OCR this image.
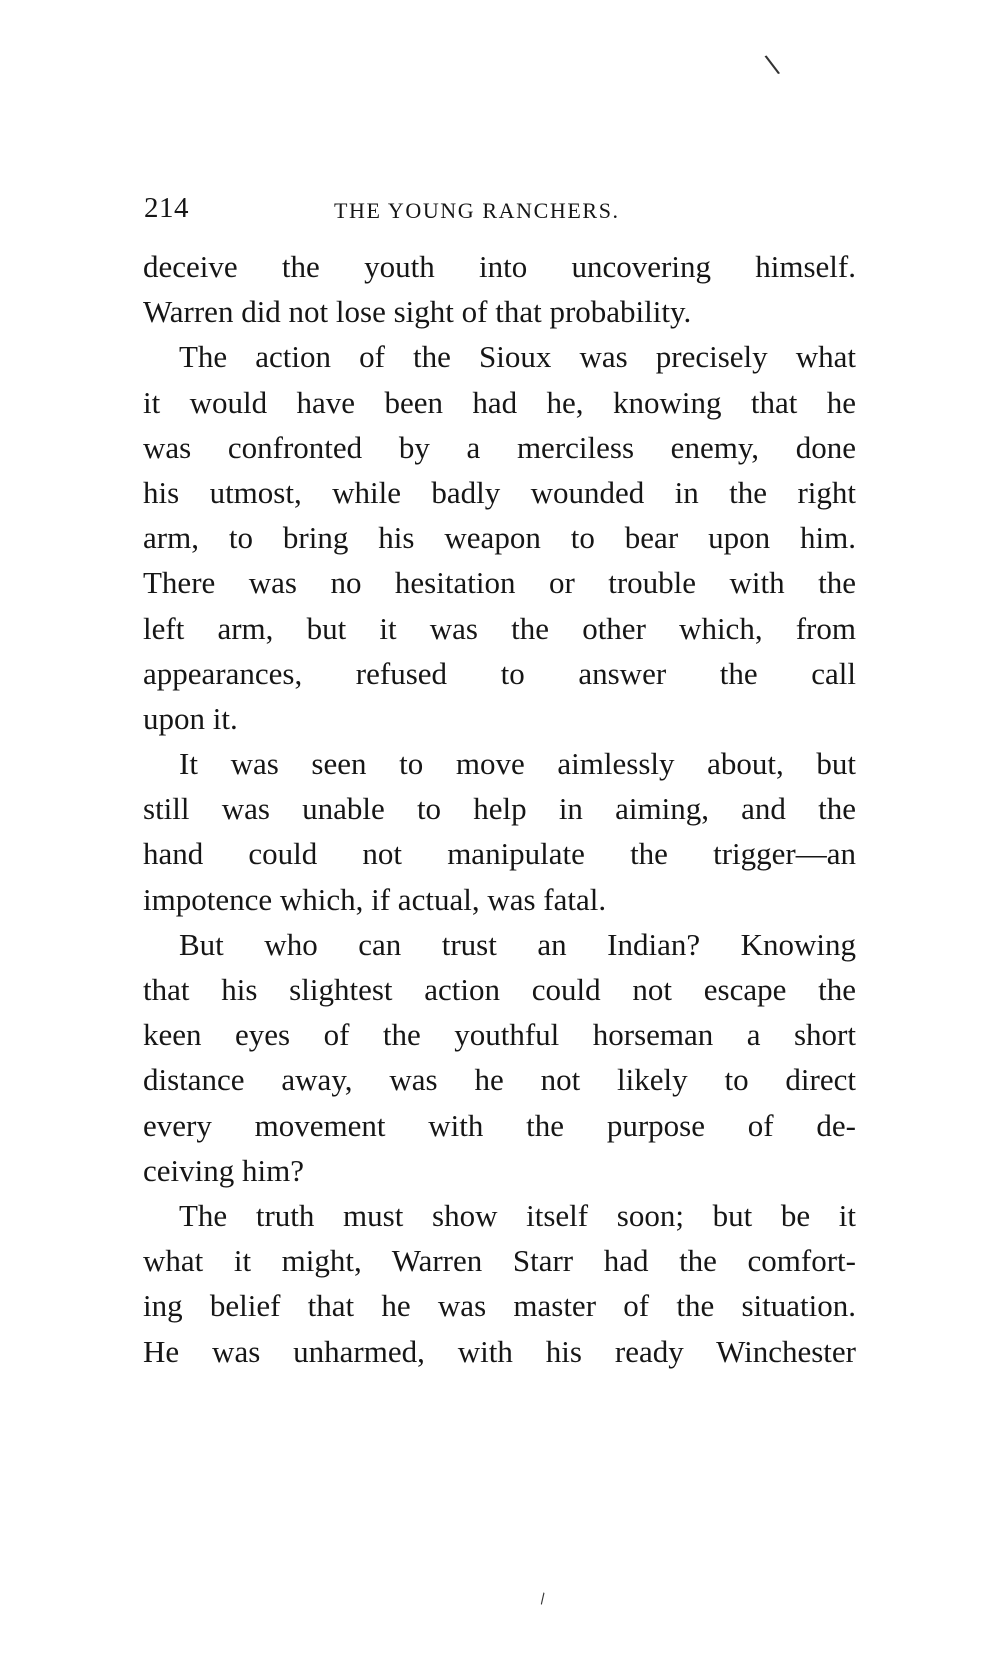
\
\
214	THE YOUNG RANCHERS.
deceive the youth into uncovering himself.
Warren did not lose sight of that probability.
The action of the Sioux was precisely what
it would have been had he, knowing that he
was confronted by a merciless enemy, done
his utmost, while badly wounded in the right
arm, to bring his weapon to bear upon him.
There was no hesitation or trouble with the
left arm, but it was the other which, from
appearances, refused to answer the call
upon it.
It was seen to move aimlessly about, but
still was unable to help in aiming, and the
hand could not manipulate the trigger—an
impotence which, if actual, was fatal.
But who can trust an Indian? Knowing
that his slightest action could not escape the
keen eyes of the youthful horseman a short
distance away, was he not likely to direct
every movement with the purpose of de-
ceiving him?
The truth must show itself soon; but be it
what it might, Warren Starr had the comfort-
ing belief that he was master of the situation.
He was unharmed, with his ready Winchester
